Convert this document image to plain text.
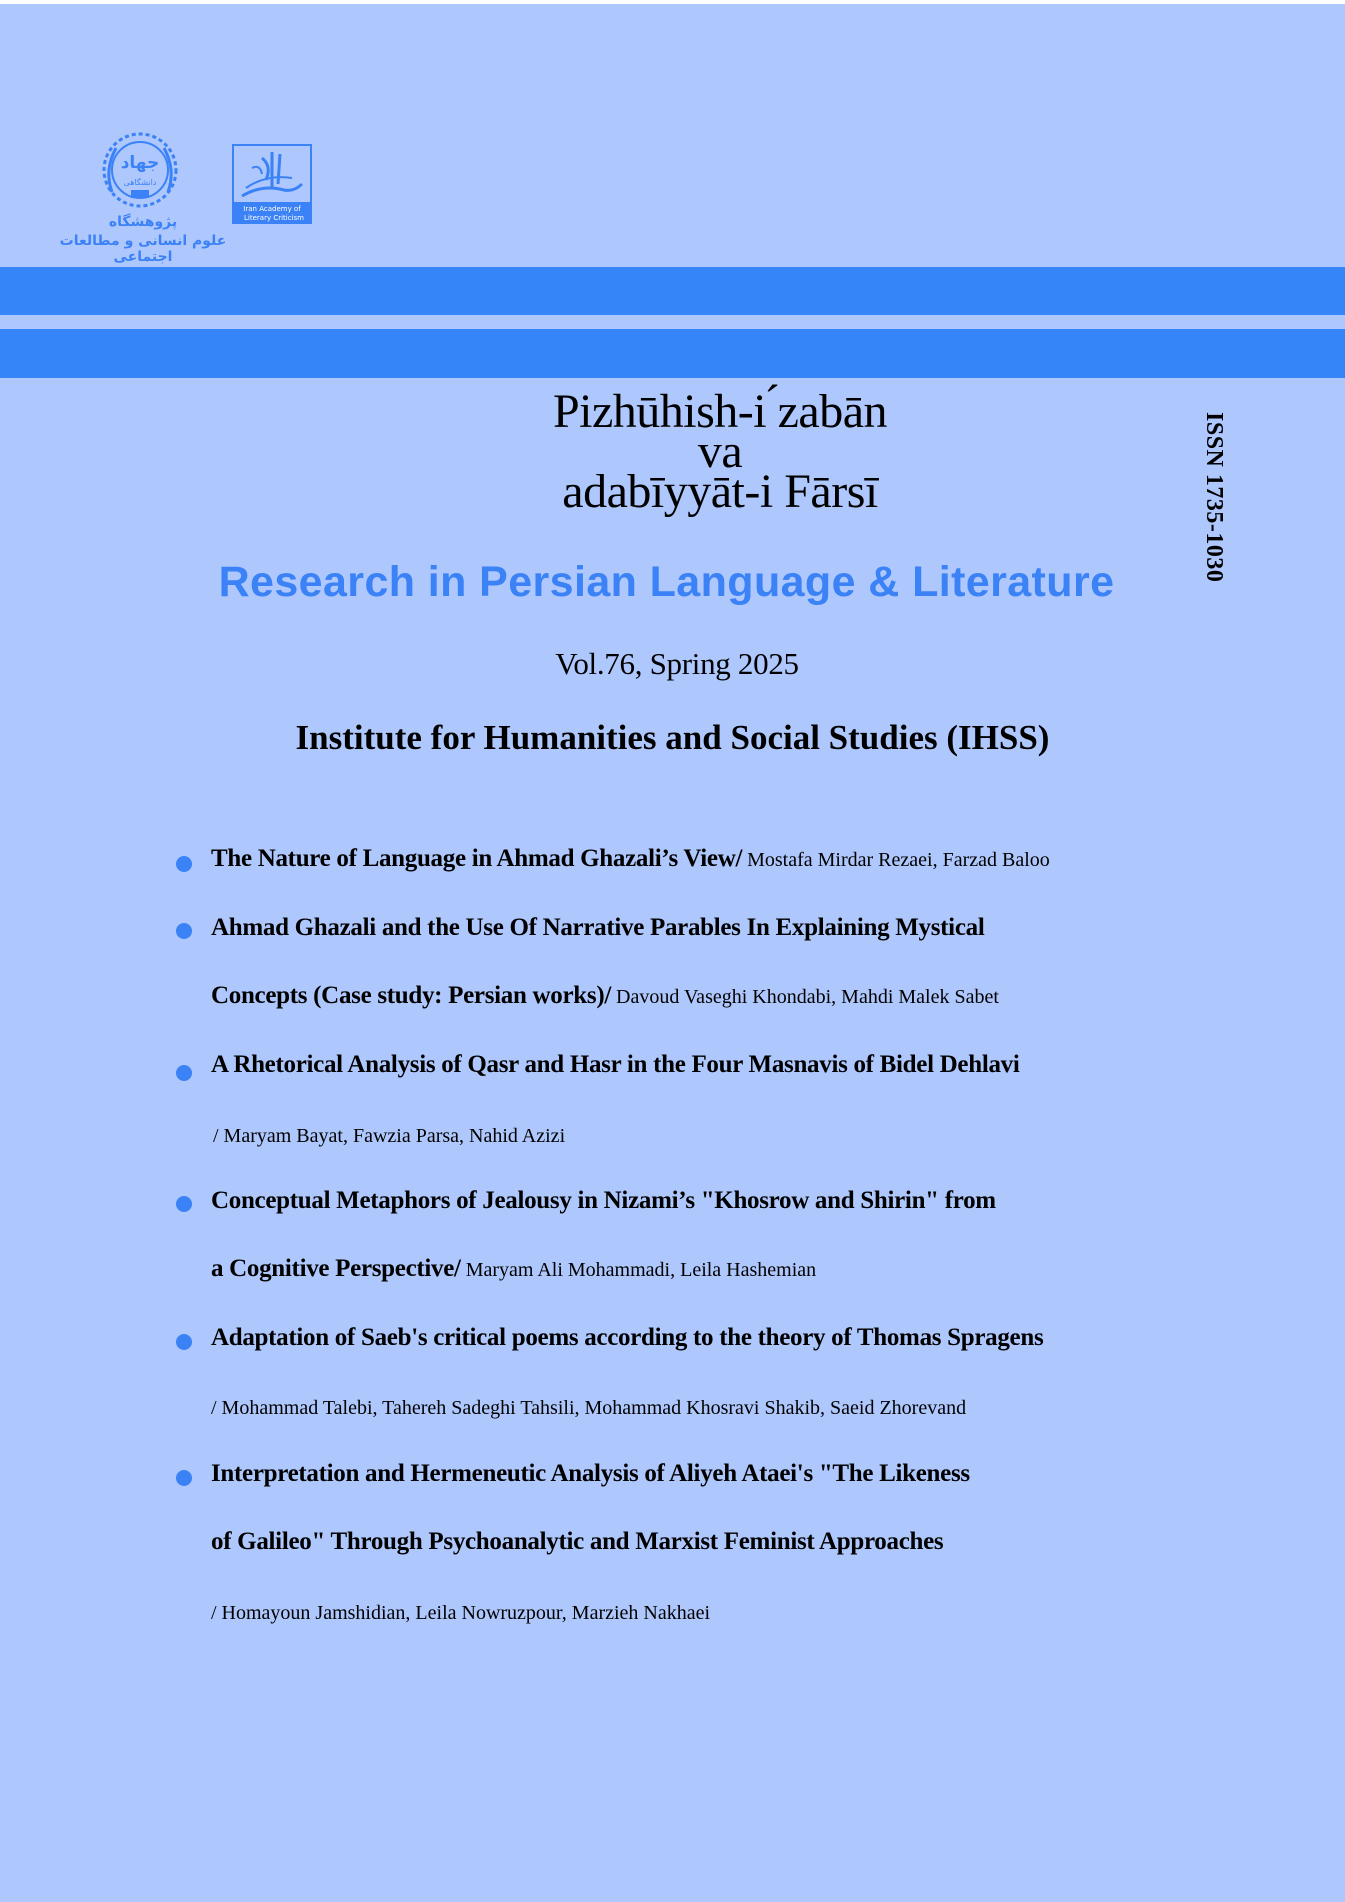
جهاد
دانشگاهی
پژوهشگاه
علوم انسانی و مطالعات اجتماعی
Iran Academy of
Literary Criticism
Pizhūhish-i ́zabān
va
adabīyyāt-i Fārsī	ISSN 1735-1030
Research in Persian Language & Literature
Vol.76, Spring 2025
Institute for Humanities and Social Studies (IHSS)
The Nature of Language in Ahmad Ghazali’s View/ Mostafa Mirdar Rezaei, Farzad Baloo
Ahmad Ghazali and the Use Of Narrative Parables In Explaining Mystical
Concepts (Case study: Persian works)/ Davoud Vaseghi Khondabi, Mahdi Malek Sabet
A Rhetorical Analysis of Qasr and Hasr in the Four Masnavis of Bidel Dehlavi
/ Maryam Bayat, Fawzia Parsa, Nahid Azizi
Conceptual Metaphors of Jealousy in Nizami’s "Khosrow and Shirin" from
a Cognitive Perspective/ Maryam Ali Mohammadi, Leila Hashemian
Adaptation of Saeb's critical poems according to the theory of Thomas Spragens
/ Mohammad Talebi, Tahereh Sadeghi Tahsili, Mohammad Khosravi Shakib, Saeid Zhorevand
Interpretation and Hermeneutic Analysis of Aliyeh Ataei's "The Likeness
of Galileo" Through Psychoanalytic and Marxist Feminist Approaches
/ Homayoun Jamshidian, Leila Nowruzpour, Marzieh Nakhaei
